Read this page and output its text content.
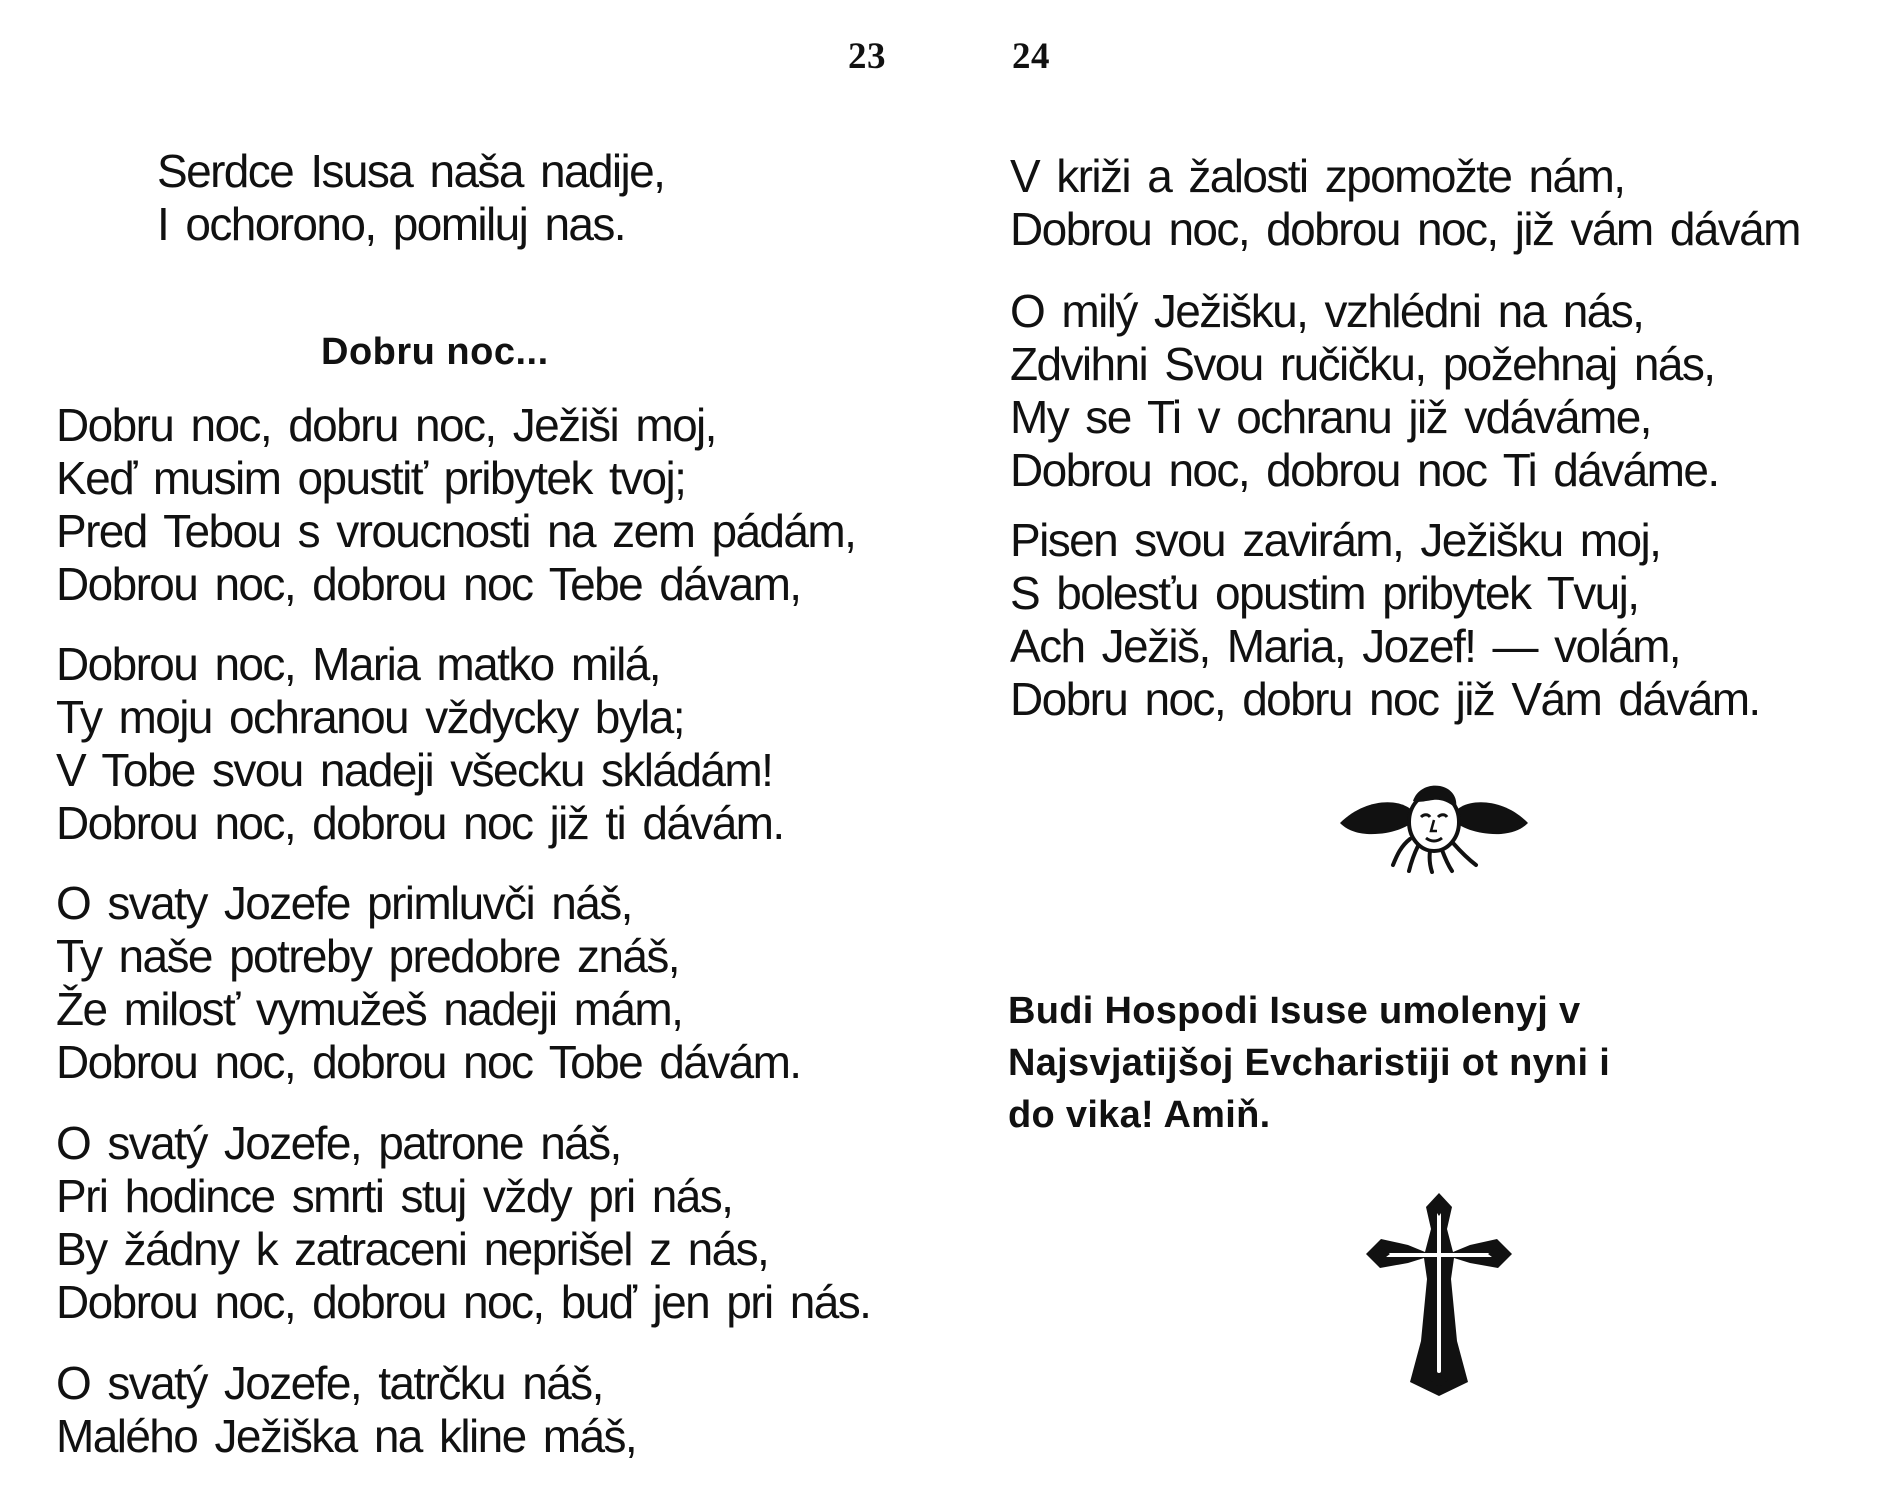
23	24
Serdce Isusa naša nadije,
I ochorono, pomiluj nas.
Dobru noc...
Dobru noc, dobru noc, Ježiši moj,
Keď musim opustiť pribytek tvoj;
Pred Tebou s vroucnosti na zem pádám,
Dobrou noc, dobrou noc Tebe dávam,
Dobrou noc, Maria matko milá,
Ty moju ochranou vždycky byla;
V Tobe svou nadeji všecku skládám!
Dobrou noc, dobrou noc již ti dávám.
O svaty Jozefe primluvči náš,
Ty naše potreby predobre znáš,
Že milosť vymužeš nadeji mám,
Dobrou noc, dobrou noc Tobe dávám.
O svatý Jozefe, patrone náš,
Pri hodince smrti stuj vždy pri nás,
By žádny k zatraceni neprišel z nás,
Dobrou noc, dobrou noc, buď jen pri nás.
O svatý Jozefe, tatrčku náš,
Malého Ježiška na kline máš,
V križi a žalosti zpomožte nám,
Dobrou noc, dobrou noc, již vám dávám
O milý Ježišku, vzhlédni na nás,
Zdvihni Svou ručičku, požehnaj nás,
My se Ti v ochranu již vdáváme,
Dobrou noc, dobrou noc Ti dáváme.
Pisen svou zavirám, Ježišku moj,
S bolesťu opustim pribytek Tvuj,
Ach Ježiš, Maria, Jozef! — volám,
Dobru noc, dobru noc již Vám dávám.
Budi Hospodi Isuse umolenyj v
Najsvjatijšoj Evcharistiji ot nyni i
do vika! Amiň.
